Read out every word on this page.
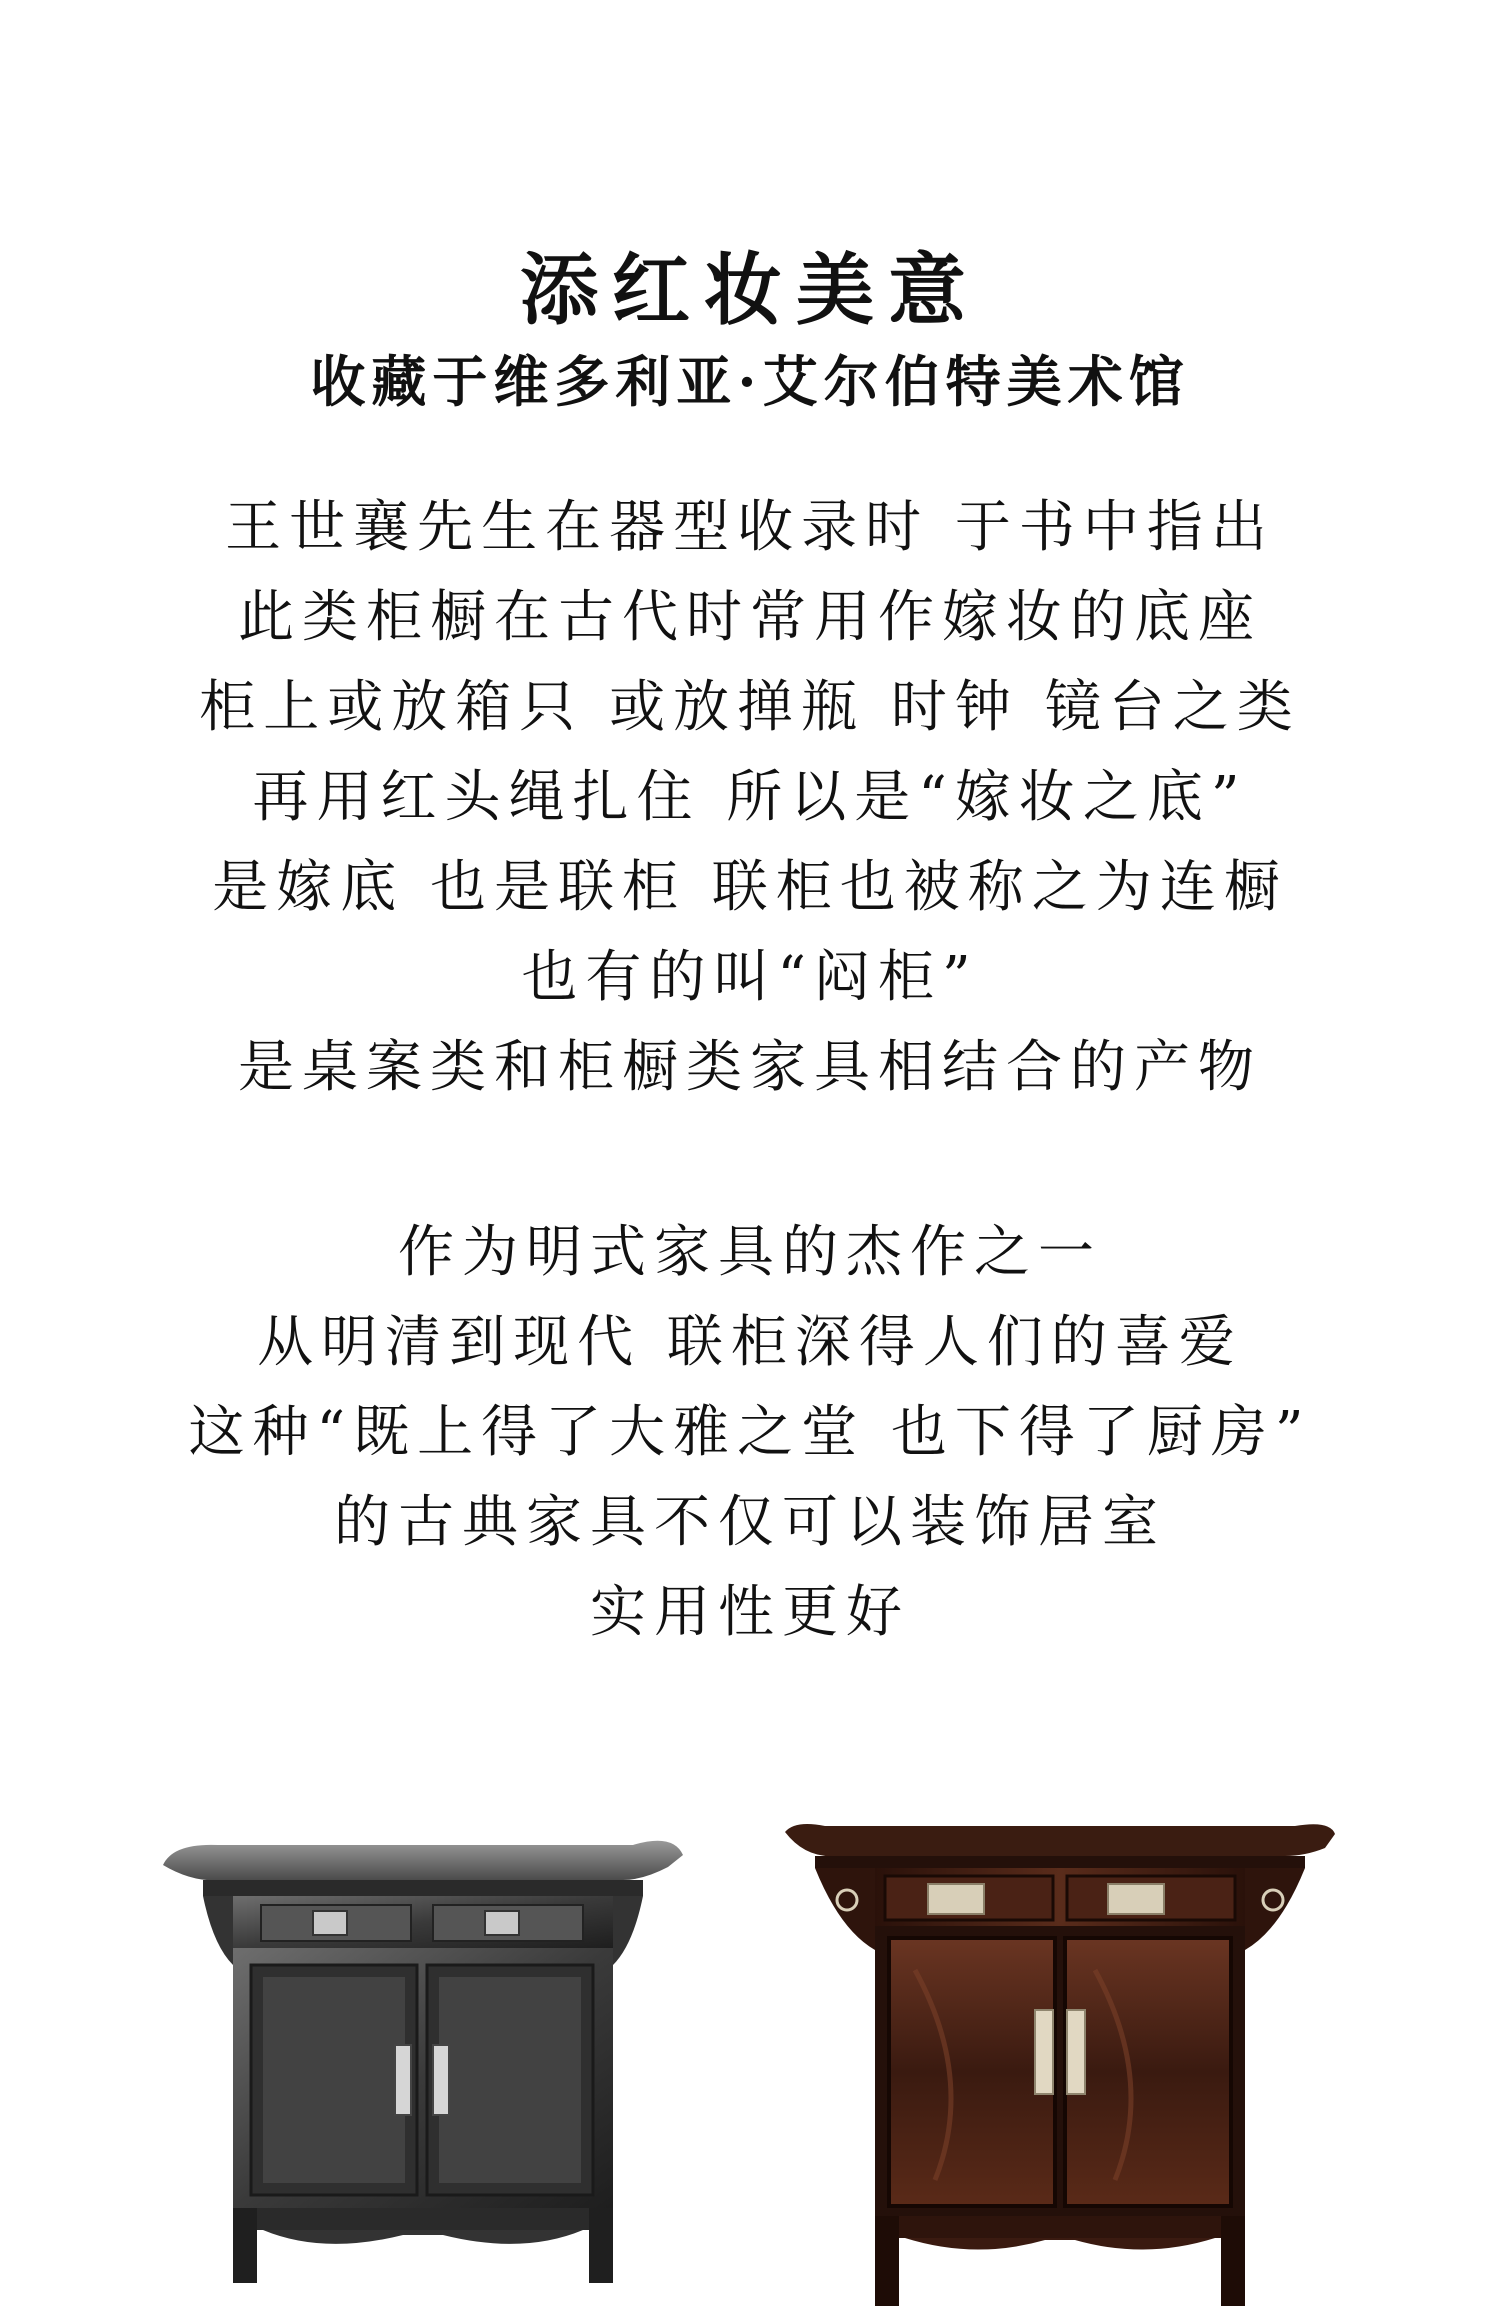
添红妆美意
收藏于维多利亚·艾尔伯特美术馆
王世襄先生在器型收录时 于书中指出
此类柜橱在古代时常用作嫁妆的底座
柜上或放箱只 或放掸瓶 时钟 镜台之类
再用红头绳扎住 所以是“嫁妆之底”
是嫁底 也是联柜 联柜也被称之为连橱
也有的叫“闷柜”
是桌案类和柜橱类家具相结合的产物
作为明式家具的杰作之一
从明清到现代 联柜深得人们的喜爱
这种“既上得了大雅之堂 也下得了厨房”
的古典家具不仅可以装饰居室
实用性更好
